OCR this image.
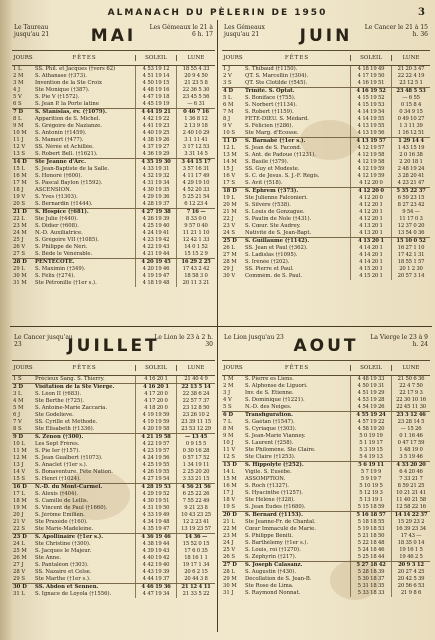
ALMANACH DU PÈLERIN DE 1950	3
Le Taureau jusqu'au 21	MAI	Les Gémeaux le 21 à 6 h. 17
JOURS	FÊTES	SOLEIL	LUNE
1 L	SS. Phil. et Jacques (†vers 62)	4 53 19 12	18 55 4 33
2 M	S. Athanase (†373).	4 51 19 14	20 9 4 50
3 M	Invention de la Ste Croix	4 50 19 15	21 23 5 8
4 J	Ste Monique (†387).	4 48 19 16	22 36 5 30
5 V	S. Pie V (†1572).	4 47 19 18	23 45 5 56
6 S	S. Jean P. la Porte latine	4 45 19 19	— 6 31
7 D	S. Stanislas, év. (†1079).	4 44 19 21	0 46 7 16
8 L	Apparition de S. Michel.	4 42 19 22	1 36 8 12
9 M	S. Grégoire de Nazianze.	4 41 19 23	2 13 9 18
10 M	S. Antonin (†1459).	4 40 19 25	2 40 10 29
11 J	S. Mamert (†477).	4 38 19 26	3 1 11 41
12 V	SS. Nérée et Achillée.	4 37 19 27	3 17 12 53
13 S	S. Robert Bell. (†1621).	4 36 19 29	3 31 14 5
14 D	Ste Jeanne d'Arc.	4 35 19 30	3 44 15 17
15 L	S. Jean-Baptiste de la Salle.	4 33 19 31	3 57 16 31
16 M	S. Honoré (†600).	4 32 19 32	4 11 17 49
17 M	S. Pascal Baylon (†1592).	4 31 19 34	4 29 19 10
18 J	ASCENSION.	4 30 19 35	4 52 20 33
19 V	S. Yves (†1303).	4 29 19 36	5 25 21 54
20 S	S. Bernardin (†1444).	4 28 19 37	6 12 23 4
21 D	S. Hospice (†681).	4 27 19 38	7 16 —
22 L	Ste Julie (†440).	4 26 19 39	8 33 0 0
23 M	S. Didier (†608).	4 25 19 40	9 57 0 40
24 M	N.-D. Auxiliatrice.	4 24 19 41	11 21 1 10
25 J	S. Grégoire VII (†1085).	4 23 19 42	12 42 1 33
26 V	S. Philippe de Néri.	4 22 19 43	14 0 1 52
27 S	S. Bède le Vénérable.	4 21 19 44	15 15 2 9
28 D	PENTECÔTE.	4 20 19 45	16 29 2 25
29 L	S. Maximin (†349).	4 20 19 46	17 43 2 42
30 M	S. Félix (†274).	4 19 19 47	18 58 3 0
31 M	Ste Pétronille (†1er s.).	4 18 19 48	20 11 3 21
Les Gémeaux jusqu'au 21	JUIN	Le Cancer le 21 à 15 h. 36
JOURS	FÊTES	SOLEIL	LUNE
1 J	S. Thibaud (†1150).	4 18 19 49	21 20 3 47
2 V	QT. S. Marcellin (†304).	4 17 19 50	22 22 4 19
3 S	QT. Ste Clotilde (†545).	4 16 19 51	23 12 5 1
4 D	Trinité. S. Optat.	4 16 19 52	23 48 5 53
5 L	S. Boniface (†755).	4 15 19 52	— 6 55
6 M	S. Norbert (†1134).	4 15 19 53	0 15 8 4
7 M	S. Robert (†1159).	4 14 19 54	0 34 9 15
8 J	FÊTE-DIEU. S. Médard.	4 14 19 55	0 49 10 27
9 V	S. Félicien (†286).	4 13 19 55	1 3 11 39
10 S	Ste Marg. d'Écosse.	4 13 19 56	1 16 12 51
11 D	S. Barnabé (†1er s.).	4 13 19 57	1 29 14 4
12 L	S. Jean de S. Facond.	4 12 19 57	1 43 15 19
13 M	S. Ant. de Padoue (†1231).	4 12 19 58	2 0 16 38
14 M	S. Basile (†379).	4 12 19 58	2 20 18 1
15 J	SS. Guy et Modeste.	4 12 19 59	2 48 19 24
16 V	S. C. de Jésus. S. J.-F. Régis.	4 12 19 59	3 28 20 41
17 S	S. Avit (†518).	4 12 20 0	4 23 21 47
18 D	S. Éphrem (†373).	4 12 20 0	5 35 22 37
19 L	Ste Julienne Falconieri.	4 12 20 0	6 59 23 15
20 M	S. Silvère (†538).	4 12 20 1	8 27 23 42
21 M	S. Louis de Gonzague.	4 12 20 1	9 54 —
22 J	S. Paulin de Nole (†431).	4 12 20 1	11 17 0 3
23 V	S. Cœur. Ste Audrey.	4 13 20 1	12 37 0 20
24 S	Nativité de S. Jean-Bapt.	4 13 20 1	13 54 0 36
25 D	S. Guillaume (†1142).	4 13 20 1	15 10 0 52
26 L	SS. Jean et Paul (†362).	4 14 20 1	16 27 1 10
27 M	S. Ladislas (†1095).	4 14 20 1	17 42 1 31
28 M	S. Irénée (†202).	4 14 20 1	18 55 1 57
29 J	SS. Pierre et Paul.	4 15 20 1	20 1 2 30
30 V	Commém. de S. Paul.	4 15 20 1	20 57 3 14
Le Cancer jusqu'au 23	JUILLET
Le Lion le 23 à 2 h. 30
JOURS	FÊTES	SOLEIL	LUNE
1 S	Précieux Sang. S. Thierry.	4 16 20 1	21 40 4 9
2 D	Visitation de la Ste Vierge.	4 16 20 1	22 13 5 14
3 L	S. Léon II (†683).	4 17 20 0	22 38 6 24
4 M	Ste Berthe (†725).	4 17 20 0	22 57 7 37
5 M	S. Antoine-Marie Zaccaria.	4 18 20 0	23 12 8 50
6 J	Ste Godelieve.	4 19 19 59	23 26 10 2
7 V	SS. Cyrille et Méthode.	4 19 19 59	23 39 11 15
8 S	Ste Élisabeth (†1336).	4 20 19 58	23 53 12 29
9 D	S. Zénon (†300).	4 21 19 58	— 13 45
10 L	Les Sept Frères.	4 22 19 57	0 9 15 5
11 M	S. Pie Ier (†157).	4 23 19 57	0 30 16 28
12 M	S. Jean Gualbert (†1073).	4 24 19 56	0 57 17 52
13 J	S. Anaclet (†1er s.).	4 25 19 55	1 34 19 11
14 V	S. Bonaventure. Fête Nation.	4 26 19 55	2 25 20 20
15 S	S. Henri (†1024).	4 27 19 54	3 33 21 15
16 D	N.-D. du Mont-Carmel.	4 28 19 53	4 56 21 56
17 L	S. Alexis (†404).	4 29 19 52	6 25 22 26
18 M	S. Camille de Lellis.	4 30 19 51	7 55 22 49
19 M	S. Vincent de Paul (†1660).	4 31 19 50	9 21 23 8
20 J	S. Jérôme Émilien.	4 33 19 49	10 43 23 25
21 V	Ste Praxède (†160).	4 34 19 48	12 2 23 41
22 S	Ste Marie-Madeleine.	4 35 19 47	13 19 23 57
23 D	S. Apollinaire (†1er s.).	4 36 19 46	14 36 —
24 L	Ste Christine (†300).	4 38 19 44	15 52 0 15
25 M	S. Jacques le Majeur.	4 39 19 43	17 6 0 35
26 M	Ste Anne.	4 40 19 42	18 16 1 1
27 J	S. Pantaléon (†303).	4 42 19 40	19 17 1 34
28 V	SS. Nazaire et Celse.	4 43 19 39	20 6 2 15
29 S	Ste Marthe (†1er s.).	4 44 19 37	20 44 3 8
30 D	SS. Abdon et Sennen.	4 46 19 36	21 12 4 11
31 L	S. Ignace de Loyola (†1556).	4 47 19 34	21 33 5 22
Le Lion jusqu'au 23 AOUT	La Vierge le 23 à 9 h. 24
JOURS	FÊTES	SOLEIL	LUNE
1 M	S. Pierre es Liens.	4 48 19 33	21 50 6 36
2 M	S. Alphonse de Liguori.	4 50 19 31	22 4 7 50
3 J	Inv. de S. Étienne.	4 51 19 29	22 17 9 3
4 V	S. Dominique (†1221).	4 53 19 28	22 30 10 16
5 S	N.-D. des Neiges.	4 54 19 26	22 45 11 30
6 D	Transfiguration.	4 55 19 24	23 3 12 46
7 L	S. Gaétan (†1547).	4 57 19 22	23 28 14 5
8 M	S. Cyriaque (†303).	4 58 19 20	— 15 26
9 M	S. Jean-Marie Vianney.	5 0 19 19	0 1 16 46
10 J	S. Laurent (†258).	5 1 19 17	0 47 17 59
11 V	Ste Philomène. Ste Claire.	5 3 19 15	1 48 19 0
12 S	Ste Claire (†1253).	5 4 19 13	3 5 19 46
13 D	S. Hippolyte (†252).	5 6 19 11	4 33 20 20
14 L	Vigile. S. Eusèbe.	5 7 19 9	6 4 20 46
15 M	ASSOMPTION.	5 9 19 7	7 33 21 7
16 M	S. Roch (†1327).	5 10 19 5	8 59 21 25
17 J	S. Hyacinthe (†1257).	5 12 19 3	10 21 21 41
18 V	Ste Hélène (†328).	5 13 19 1	11 40 21 58
19 S	S. Jean Eudes (†1680).	5 15 18 59	12 58 22 16
20 D	S. Bernard (†1153).	5 16 18 57	14 14 22 37
21 L	Ste Jeanne-Fr. de Chantal.	5 18 18 55	15 29 23 2
22 M	Cœur Immaculé de Marie.	5 19 18 53	16 39 23 34
23 M	S. Philippe Béniti.	5 21 18 50	17 43 —
24 J	S. Barthélemy (†1er s.).	5 22 18 48	18 35 0 14
25 V	S. Louis, roi (†1270).	5 24 18 46	19 16 1 5
26 S	S. Zéphyrin (†217).	5 25 18 44	19 46 2 5
27 D	S. Joseph Calasanz.	5 27 18 42	20 9 3 12
28 L	S. Augustin (†430).	5 28 18 39	20 27 4 25
29 M	Décollation de S. Jean-B.	5 30 18 37	20 42 5 39
30 M	Ste Rose de Lima.	5 31 18 35	20 56 6 53
31 J	S. Raymond Nonnat.	5 33 18 33	21 9 8 6
